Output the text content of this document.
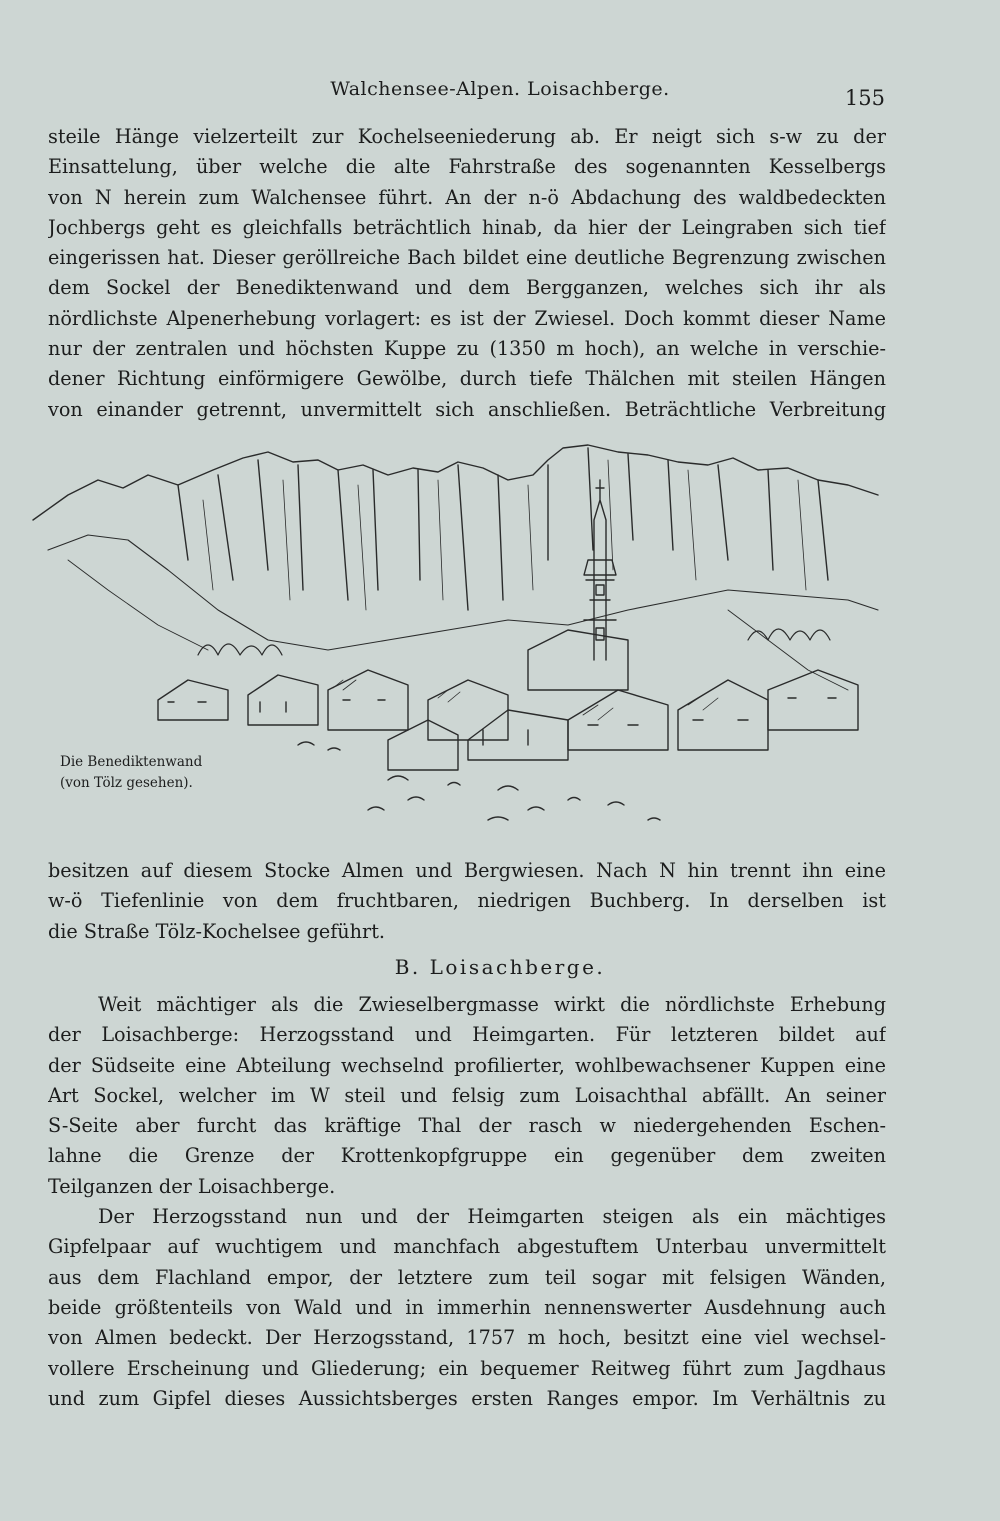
Walchensee-Alpen. Loisachberge.	155
steile Hänge vielzerteilt zur Kochelseeniederung ab. Er neigt sich s-w zu der
Einsattelung, über welche die alte Fahrstraße des sogenannten Kesselbergs
von N herein zum Walchensee führt. An der n-ö Abdachung des waldbedeckten
Jochbergs geht es gleichfalls beträchtlich hinab, da hier der Leingraben sich tief
eingerissen hat. Dieser geröllreiche Bach bildet eine deutliche Begrenzung zwischen
dem Sockel der Benediktenwand und dem Bergganzen, welches sich ihr als
nördlichste Alpenerhebung vorlagert: es ist der Zwiesel. Doch kommt dieser Name
nur der zentralen und höchsten Kuppe zu (1350 m hoch), an welche in verschie-
dener Richtung einförmigere Gewölbe, durch tiefe Thälchen mit steilen Hängen
von einander getrennt, unvermittelt sich anschließen. Beträchtliche Verbreitung
Die Benediktenwand
(von Tölz gesehen).
besitzen auf diesem Stocke Almen und Bergwiesen. Nach N hin trennt ihn eine
w-ö Tiefenlinie von dem fruchtbaren, niedrigen Buchberg. In derselben ist
die Straße Tölz-Kochelsee geführt.
B. Loisachberge.
Weit mächtiger als die Zwieselbergmasse wirkt die nördlichste Erhebung
der Loisachberge: Herzogsstand und Heimgarten. Für letzteren bildet auf
der Südseite eine Abteilung wechselnd profilierter, wohlbewachsener Kuppen eine
Art Sockel, welcher im W steil und felsig zum Loisachthal abfällt. An seiner
S-Seite aber furcht das kräftige Thal der rasch w niedergehenden Eschen-
lahne die Grenze der Krottenkopfgruppe ein gegenüber dem zweiten
Teilganzen der Loisachberge.
Der Herzogsstand nun und der Heimgarten steigen als ein mächtiges
Gipfelpaar auf wuchtigem und manchfach abgestuftem Unterbau unvermittelt
aus dem Flachland empor, der letztere zum teil sogar mit felsigen Wänden,
beide größtenteils von Wald und in immerhin nennenswerter Ausdehnung auch
von Almen bedeckt. Der Herzogsstand, 1757 m hoch, besitzt eine viel wechsel-
vollere Erscheinung und Gliederung; ein bequemer Reitweg führt zum Jagdhaus
und zum Gipfel dieses Aussichtsberges ersten Ranges empor. Im Verhältnis zu
